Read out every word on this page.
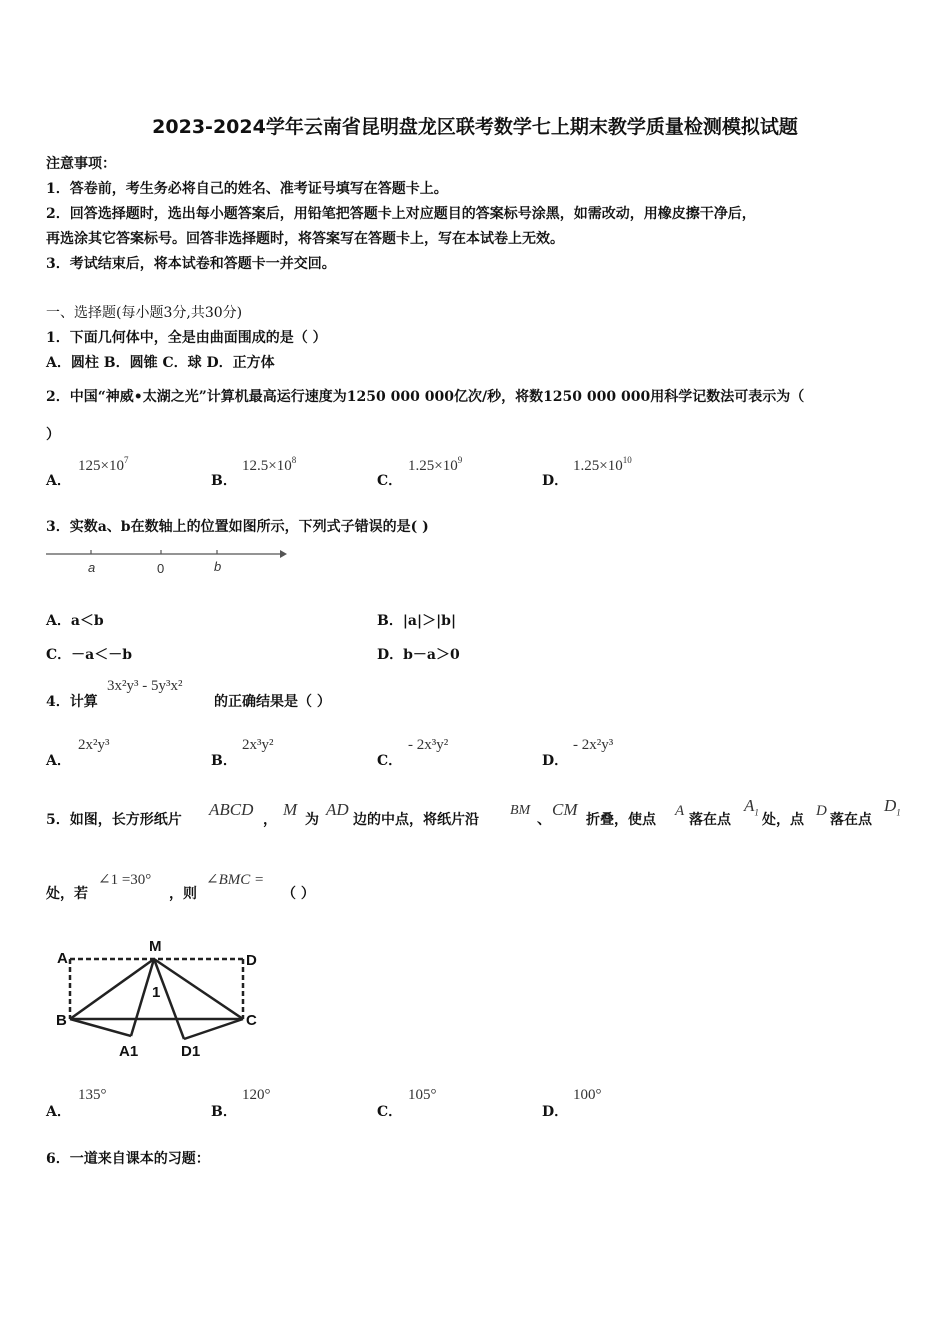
2023-2024学年云南省昆明盘龙区联考数学七上期末教学质量检测模拟试题
注意事项：
1．答卷前，考生务必将自己的姓名、准考证号填写在答题卡上。
2．回答选择题时，选出每小题答案后，用铅笔把答题卡上对应题目的答案标号涂黑，如需改动，用橡皮擦干净后，
再选涂其它答案标号。回答非选择题时，将答案写在答题卡上，写在本试卷上无效。
3．考试结束后，将本试卷和答题卡一并交回。
一、选择题(每小题3分,共30分)
1．下面几何体中，全是由曲面围成的是（ ）
A．圆柱 B．圆锥 C．球 D．正方体
2．中国“神威•太湖之光”计算机最高运行速度为1250 000 000亿次/秒，将数1250 000 000用科学记数法可表示为（
）
A．
$125\times 10^7$
B．
$12.5\times 10^8$
C．
$1.25\times 10^9$
D．
$1.25\times 10^{10}$
3．实数a、b在数轴上的位置如图所示，下列式子错误的是( )
a	0	b
A．a＜b	B．|a|＞|b|
C．－a＜－b	D．b－a＞0
4．计算
3x²y³ - 5y³x²
的正确结果是（ ）
A．
2x²y³
B．
2x³y²
C．
- 2x³y²
D．
- 2x²y³
5．如图，长方形纸片
ABCD
，
M
为
AD
边的中点，将纸片沿
BM
、
CM
折叠，使点
A
落在点
$A_1$ 处，点
D
落在点
$D_1$
处，若
∠1 =30°
，则
∠BMC =
（ ）
A
M
D
B	C
A1	D1
1
A．
135°
B．
120°
C．
105°
D．
100°
6．一道来自课本的习题：
